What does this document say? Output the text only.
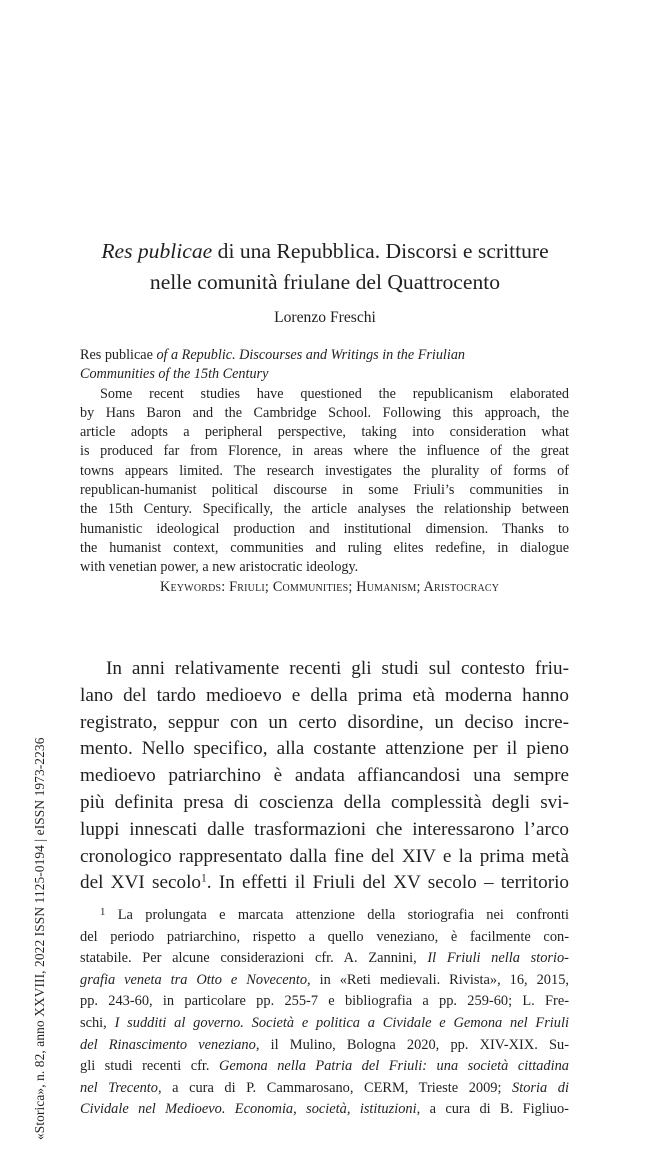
«Storica», n. 82, anno XXVIII, 2022 ISSN 1125-0194 | eISSN 1973-2236
Res publicae di una Repubblica. Discorsi e scritture
nelle comunità friulane del Quattrocento
Lorenzo Freschi
Res publicae of a Republic. Discourses and Writings in the Friulian
Communities of the 15th Century
Some recent studies have questioned the republicanism elaborated
by Hans Baron and the Cambridge School. Following this approach, the
article adopts a peripheral perspective, taking into consideration what
is produced far from Florence, in areas where the influence of the great
towns appears limited. The research investigates the plurality of forms of
republican-humanist political discourse in some Friuli’s communities in
the 15th Century. Specifically, the article analyses the relationship between
humanistic ideological production and institutional dimension. Thanks to
the humanist context, communities and ruling elites redefine, in dialogue
with venetian power, a new aristocratic ideology.
Keywords: Friuli; Communities; Humanism; Aristocracy
In anni relativamente recenti gli studi sul contesto friu-
lano del tardo medioevo e della prima età moderna hanno
registrato, seppur con un certo disordine, un deciso incre-
mento. Nello specifico, alla costante attenzione per il pieno
medioevo patriarchino è andata affiancandosi una sempre
più definita presa di coscienza della complessità degli svi-
luppi innescati dalle trasformazioni che interessarono l’arco
cronologico rappresentato dalla fine del XIV e la prima metà
del XVI secolo$^1$. In effetti il Friuli del XV secolo – territorio
$^1$ La prolungata e marcata attenzione della storiografia nei confronti
del periodo patriarchino, rispetto a quello veneziano, è facilmente con-
statabile. Per alcune considerazioni cfr. A. Zannini, Il Friuli nella storio-
grafia veneta tra Otto e Novecento, in «Reti medievali. Rivista», 16, 2015,
pp. 243-60, in particolare pp. 255-7 e bibliografia a pp. 259-60; L. Fre-
schi, I sudditi al governo. Società e politica a Cividale e Gemona nel Friuli
del Rinascimento veneziano, il Mulino, Bologna 2020, pp. XIV-XIX. Su-
gli studi recenti cfr. Gemona nella Patria del Friuli: una società cittadina
nel Trecento, a cura di P. Cammarosano, CERM, Trieste 2009; Storia di
Cividale nel Medioevo. Economia, società, istituzioni, a cura di B. Figliuo-
